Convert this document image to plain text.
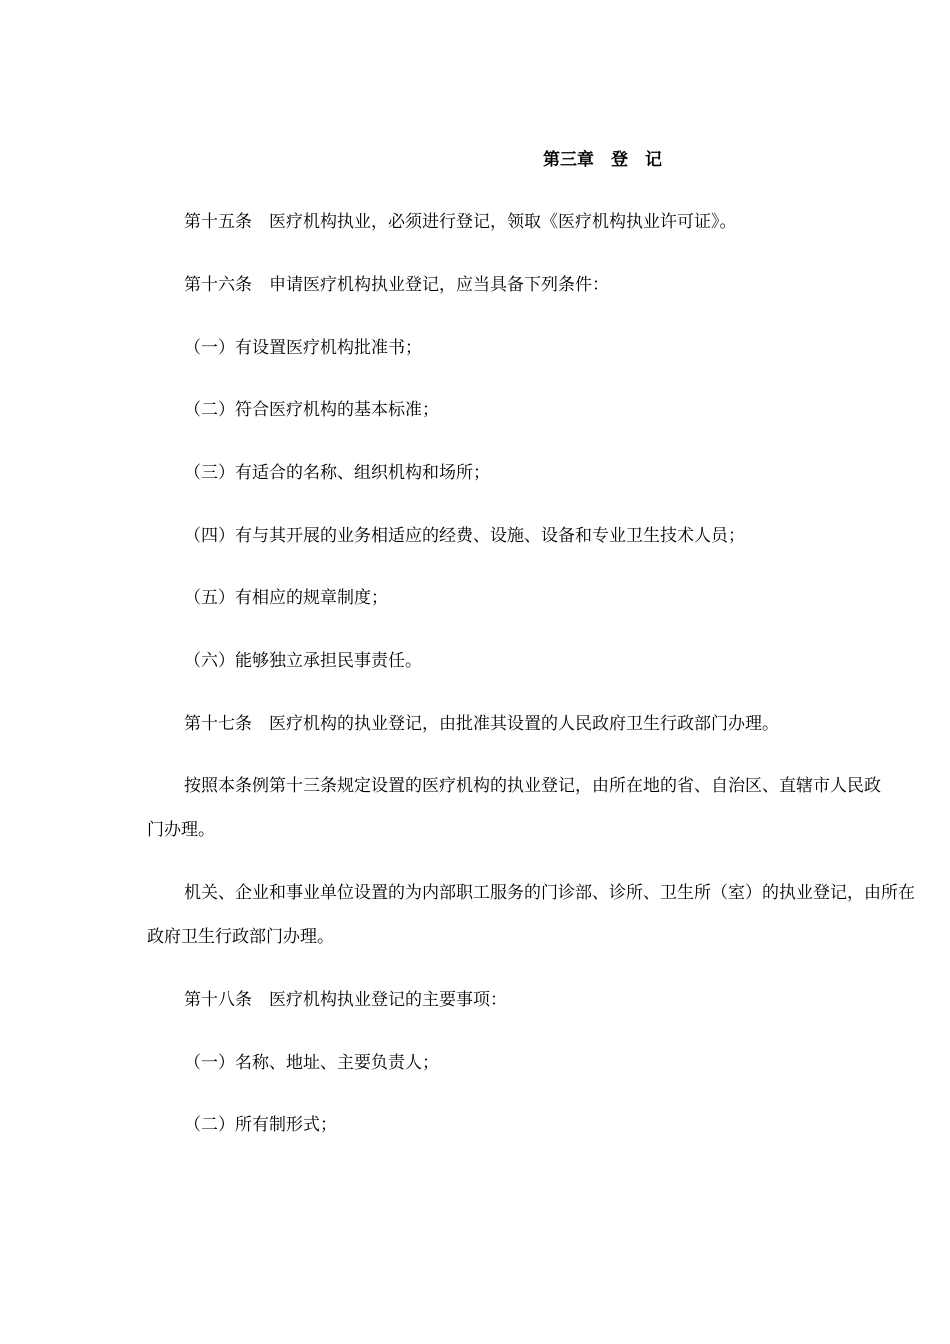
第三章　登　记
第十五条　医疗机构执业，必须进行登记，领取《医疗机构执业许可证》。
第十六条　申请医疗机构执业登记，应当具备下列条件：
（一）有设置医疗机构批准书；
（二）符合医疗机构的基本标准；
（三）有适合的名称、组织机构和场所；
（四）有与其开展的业务相适应的经费、设施、设备和专业卫生技术人员；
（五）有相应的规章制度；
（六）能够独立承担民事责任。
第十七条　医疗机构的执业登记，由批准其设置的人民政府卫生行政部门办理。
按照本条例第十三条规定设置的医疗机构的执业登记，由所在地的省、自治区、直辖市人民政
门办理。
机关、企业和事业单位设置的为内部职工服务的门诊部、诊所、卫生所（室）的执业登记，由所在
政府卫生行政部门办理。
第十八条　医疗机构执业登记的主要事项：
（一）名称、地址、主要负责人；
（二）所有制形式；
